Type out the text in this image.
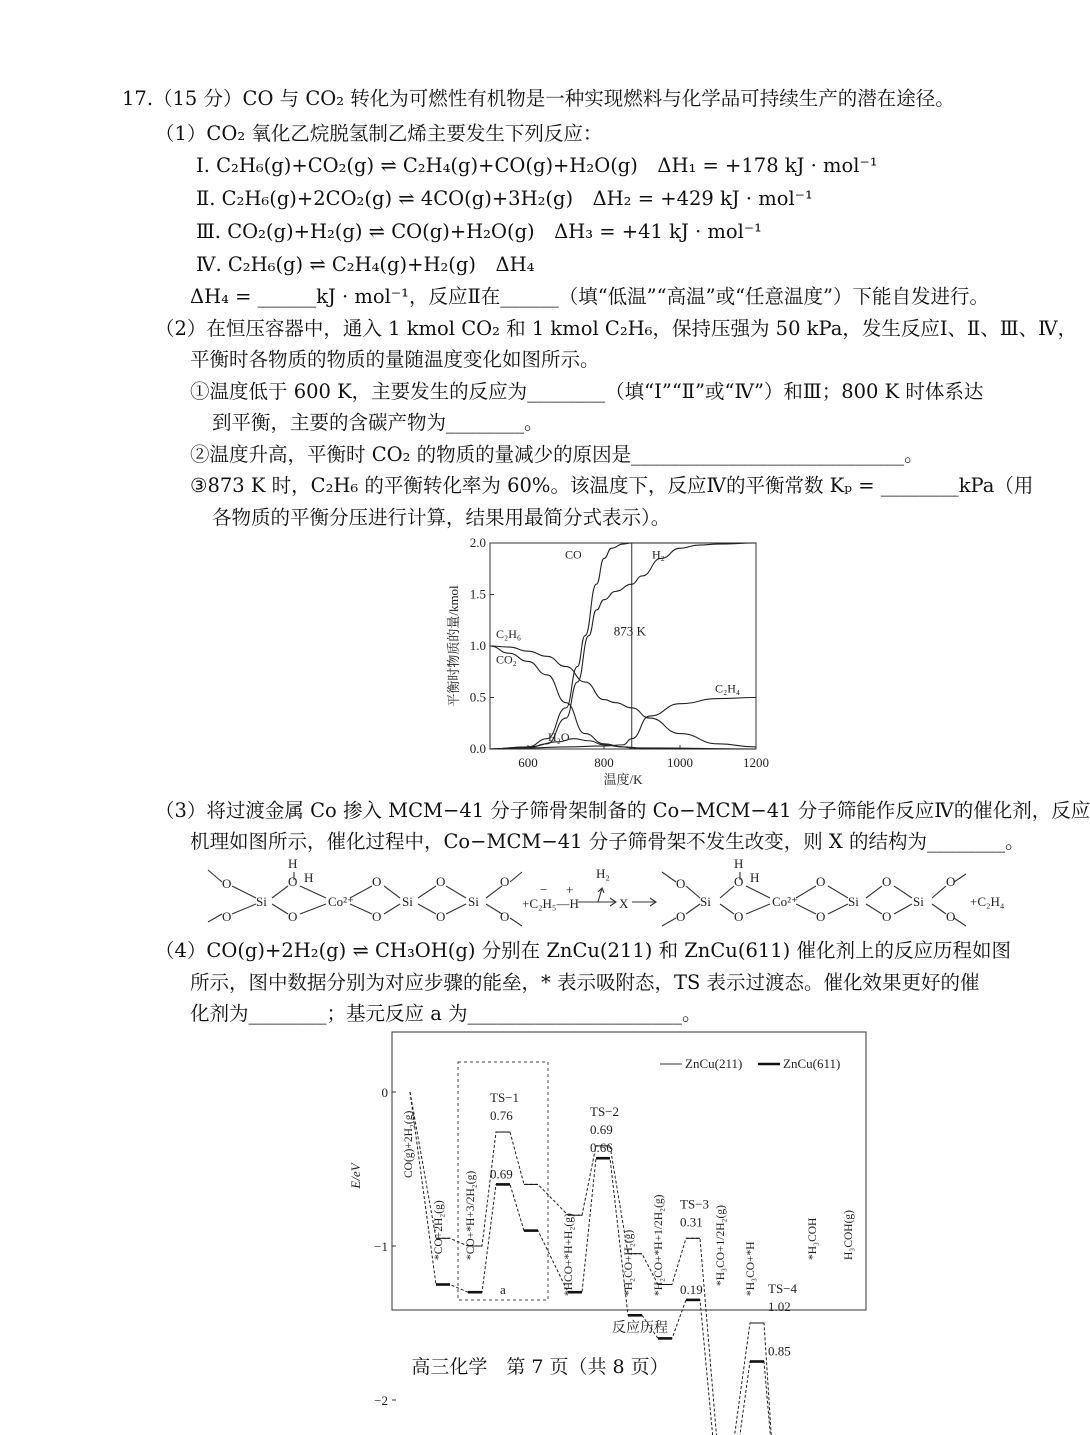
17.（15 分）CO 与 CO₂ 转化为可燃性有机物是一种实现燃料与化学品可持续生产的潜在途径。
（1）CO₂ 氧化乙烷脱氢制乙烯主要发生下列反应：
Ⅰ. C₂H₆(g)+CO₂(g) ⇌ C₂H₄(g)+CO(g)+H₂O(g)　ΔH₁ = +178 kJ · mol⁻¹
Ⅱ. C₂H₆(g)+2CO₂(g) ⇌ 4CO(g)+3H₂(g)　ΔH₂ = +429 kJ · mol⁻¹
Ⅲ. CO₂(g)+H₂(g) ⇌ CO(g)+H₂O(g)　ΔH₃ = +41 kJ · mol⁻¹
Ⅳ. C₂H₆(g) ⇌ C₂H₄(g)+H₂(g)　ΔH₄
ΔH₄ = ______kJ · mol⁻¹，反应Ⅱ在______（填“低温”“高温”或“任意温度”）下能自发进行。
（2）在恒压容器中，通入 1 kmol CO₂ 和 1 kmol C₂H₆，保持压强为 50 kPa，发生反应Ⅰ、Ⅱ、Ⅲ、Ⅳ，
平衡时各物质的物质的量随温度变化如图所示。
①温度低于 600 K，主要发生的反应为________（填“Ⅰ”“Ⅱ”或“Ⅳ”）和Ⅲ；800 K 时体系达
到平衡，主要的含碳产物为________。
②温度升高，平衡时 CO₂ 的物质的量减少的原因是____________________________。
③873 K 时，C₂H₆ 的平衡转化率为 60%。该温度下，反应Ⅳ的平衡常数 Kₚ = ________kPa（用
各物质的平衡分压进行计算，结果用最简分式表示）。
0.0
0.5
1.0
1.5
2.0
600	800	1000	1200
873 K
CO	H₂
C₂H₆
CO₂
C₂H₄
H₂O
平衡时物质的量/kmol
温度/K
（3）将过渡金属 Co 掺入 MCM−41 分子筛骨架制备的 Co−MCM−41 分子筛能作反应Ⅳ的催化剂，反应
机理如图所示，催化过程中，Co−MCM−41 分子筛骨架不发生改变，则 X 的结构为________。
O
O
Si
H
O H
O
Co²⁺
O
O
Si
O
O
Si
O
O
− +
+C₂H₅—H
H₂
X
O
O
Si
H
O H
O
Co²⁺
O
O
Si
O
O
Si
O
O
+C₂H₄
（4）CO(g)+2H₂(g) ⇌ CH₃OH(g) 分别在 ZnCu(211) 和 ZnCu(611) 催化剂上的反应历程如图
所示，图中数据分别为对应步骤的能垒，* 表示吸附态，TS 表示过渡态。催化效果更好的催
化剂为________；基元反应 a 为______________________。
a
0
−1
−2
TS−1
0.76
0.69
TS−2
0.69
0.66
TS−3
0.31
0.19	TS−4
1.02
0.85
CO(g)+2H₂(g)
*CO+2H₂(g) *CO+*H+3/2H₂(g)	*HCO+*H+H₂(g)	*H₂CO+H₂(g) *H₂CO+*H+1/2H₂(g)	*H₃CO+1/2H₂(g) *H₃CO+*H
*H₃COH H₃COH(g)
E/eV
反应历程
ZnCu(211)	ZnCu(611)
高三化学　第 7 页（共 8 页）
